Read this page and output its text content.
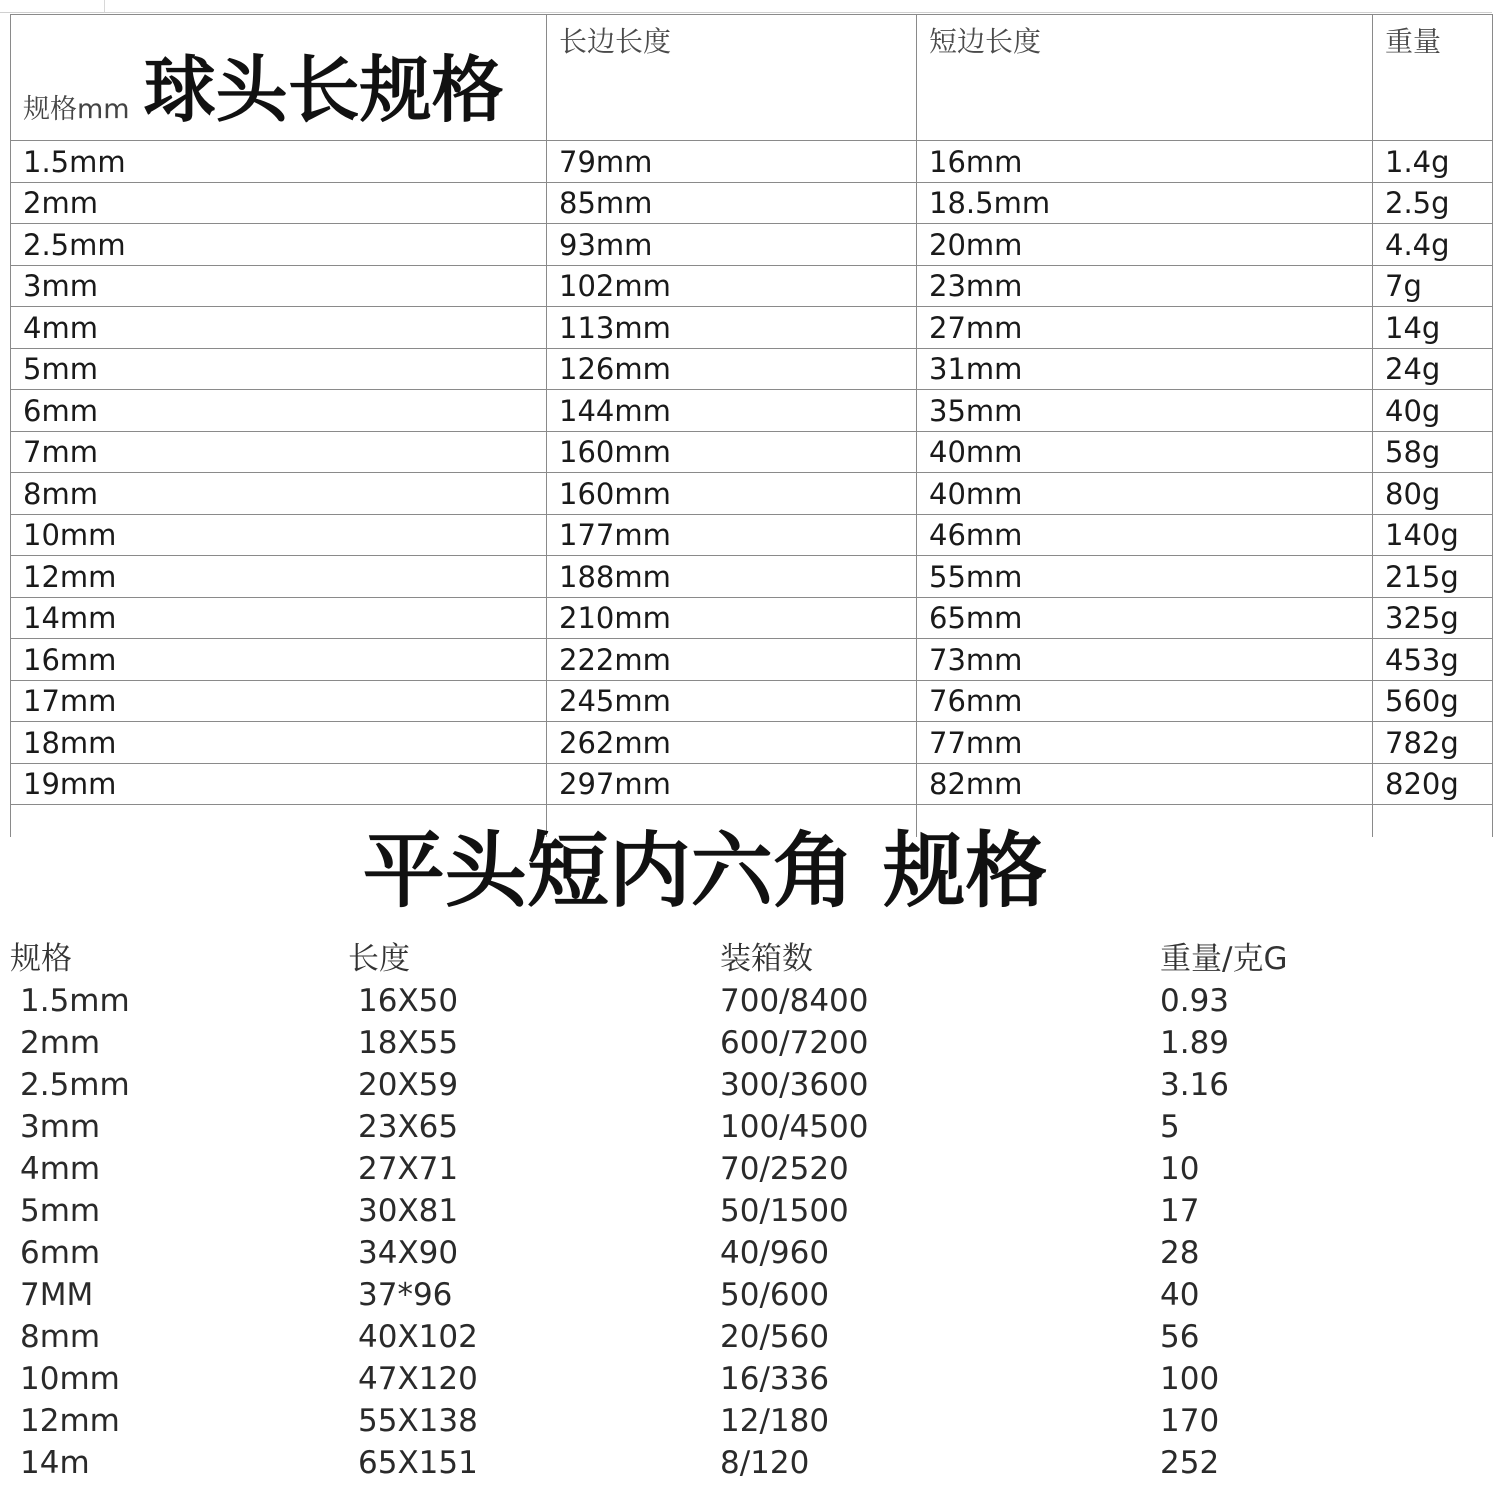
规格mm 球头长规格	长边长度	短边长度	重量

1.5mm	79mm	16mm	1.4g
2mm	85mm	18.5mm	2.5g
2.5mm	93mm	20mm	4.4g
3mm	102mm	23mm	7g
4mm	113mm	27mm	14g
5mm	126mm	31mm	24g
6mm	144mm	35mm	40g
7mm	160mm	40mm	58g
8mm	160mm	40mm	80g
10mm	177mm	46mm	140g
12mm	188mm	55mm	215g
14mm	210mm	65mm	325g
16mm	222mm	73mm	453g
17mm	245mm	76mm	560g
18mm	262mm	77mm	782g
19mm	297mm	82mm	820g

平头短内六角 规格
规格	长度	装箱数	重量/克G
1.5mm	16X50	700/8400	0.93
2mm	18X55	600/7200	1.89
2.5mm	20X59	300/3600	3.16
3mm	23X65	100/4500	5
4mm	27X71	70/2520	10
5mm	30X81	50/1500	17
6mm	34X90	40/960	28
7MM	37*96	50/600	40
8mm	40X102	20/560	56
10mm	47X120	16/336	100
12mm	55X138	12/180	170
14m	65X151	8/120	252
